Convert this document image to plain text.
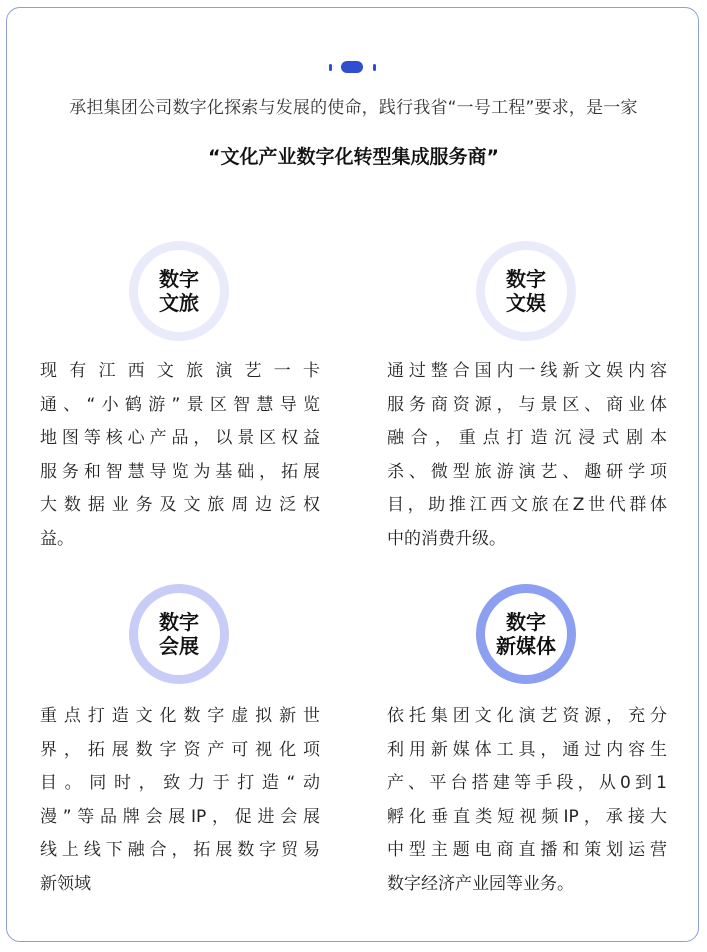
承担集团公司数字化探索与发展的使命，践行我省“一号工程”要求，是一家

“文化产业数字化转型集成服务商”

数字
文旅
现有江西文旅演艺一卡
通、“小鹤游”景区智慧导览
地图等核心产品，以景区权益
服务和智慧导览为基础，拓展
大数据业务及文旅周边泛权
益。
数字
文娱
通过整合国内一线新文娱内容
服务商资源，与景区、商业体
融合，重点打造沉浸式剧本
杀、微型旅游演艺、趣研学项
目，助推江西文旅在Z世代群体
中的消费升级。
数字
会展
重点打造文化数字虚拟新世
界，拓展数字资产可视化项
目。同时，致力于打造“动
漫”等品牌会展IP，促进会展
线上线下融合，拓展数字贸易
新领域
数字
新媒体
依托集团文化演艺资源，充分
利用新媒体工具，通过内容生
产、平台搭建等手段，从0到1
孵化垂直类短视频IP，承接大
中型主题电商直播和策划运营
数字经济产业园等业务。
